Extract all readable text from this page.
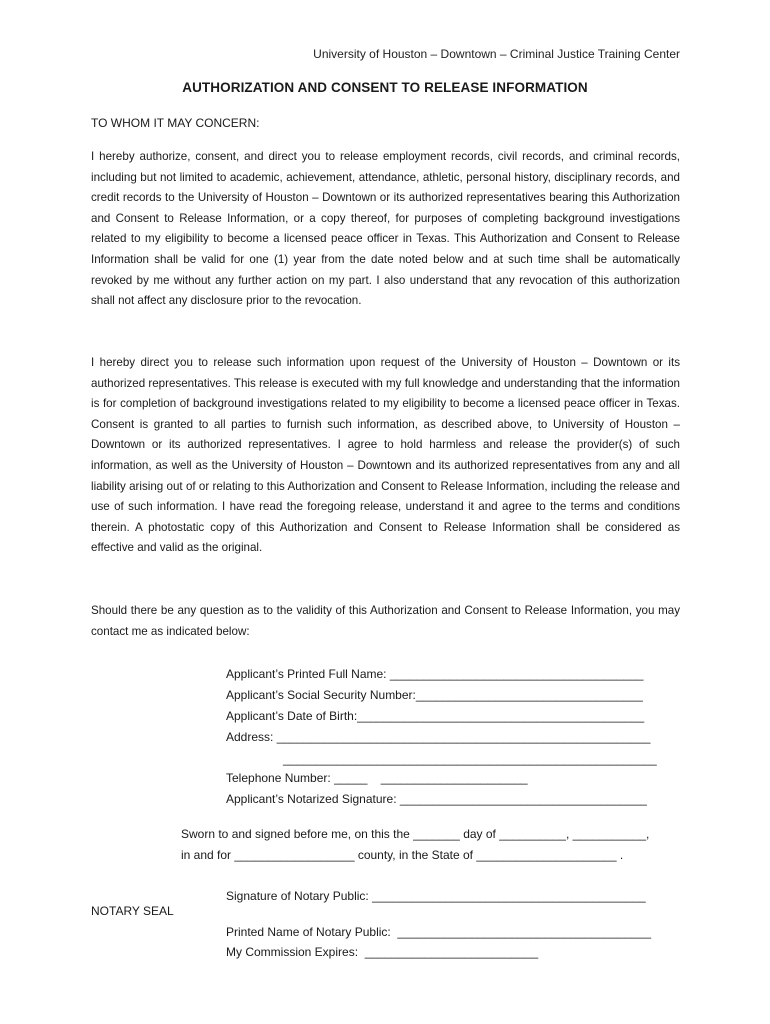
University of Houston – Downtown – Criminal Justice Training Center
AUTHORIZATION AND CONSENT TO RELEASE INFORMATION
TO WHOM IT MAY CONCERN:

I hereby authorize, consent, and direct you to release employment records, civil records, and criminal records, including but not limited to academic, achievement, attendance, athletic, personal history, disciplinary records, and credit records to the University of Houston – Downtown or its authorized representatives bearing this Authorization and Consent to Release Information, or a copy thereof, for purposes of completing background investigations related to my eligibility to become a licensed peace officer in Texas. This Authorization and Consent to Release Information shall be valid for one (1) year from the date noted below and at such time shall be automatically revoked by me without any further action on my part. I also understand that any revocation of this authorization shall not affect any disclosure prior to the revocation.

I hereby direct you to release such information upon request of the University of Houston – Downtown or its authorized representatives. This release is executed with my full knowledge and understanding that the information is for completion of background investigations related to my eligibility to become a licensed peace officer in Texas. Consent is granted to all parties to furnish such information, as described above, to University of Houston – Downtown or its authorized representatives. I agree to hold harmless and release the provider(s) of such information, as well as the University of Houston – Downtown and its authorized representatives from any and all liability arising out of or relating to this Authorization and Consent to Release Information, including the release and use of such information. I have read the foregoing release, understand it and agree to the terms and conditions therein. A photostatic copy of this Authorization and Consent to Release Information shall be considered as effective and valid as the original.

Should there be any question as to the validity of this Authorization and Consent to Release Information, you may contact me as indicated below:

Applicant’s Printed Full Name: ______________________________________

Applicant’s Social Security Number:__________________________________

Applicant’s Date of Birth:___________________________________________

Address: ________________________________________________________

________________________________________________________

Telephone Number: _____    ______________________

Applicant’s Notarized Signature: _____________________________________

Sworn to and signed before me, on this the _______ day of __________, ___________,

in and for __________________ county, in the State of _____________________ .

Signature of Notary Public: _________________________________________

NOTARY SEAL

Printed Name of Notary Public:  ______________________________________

My Commission Expires:  __________________________
